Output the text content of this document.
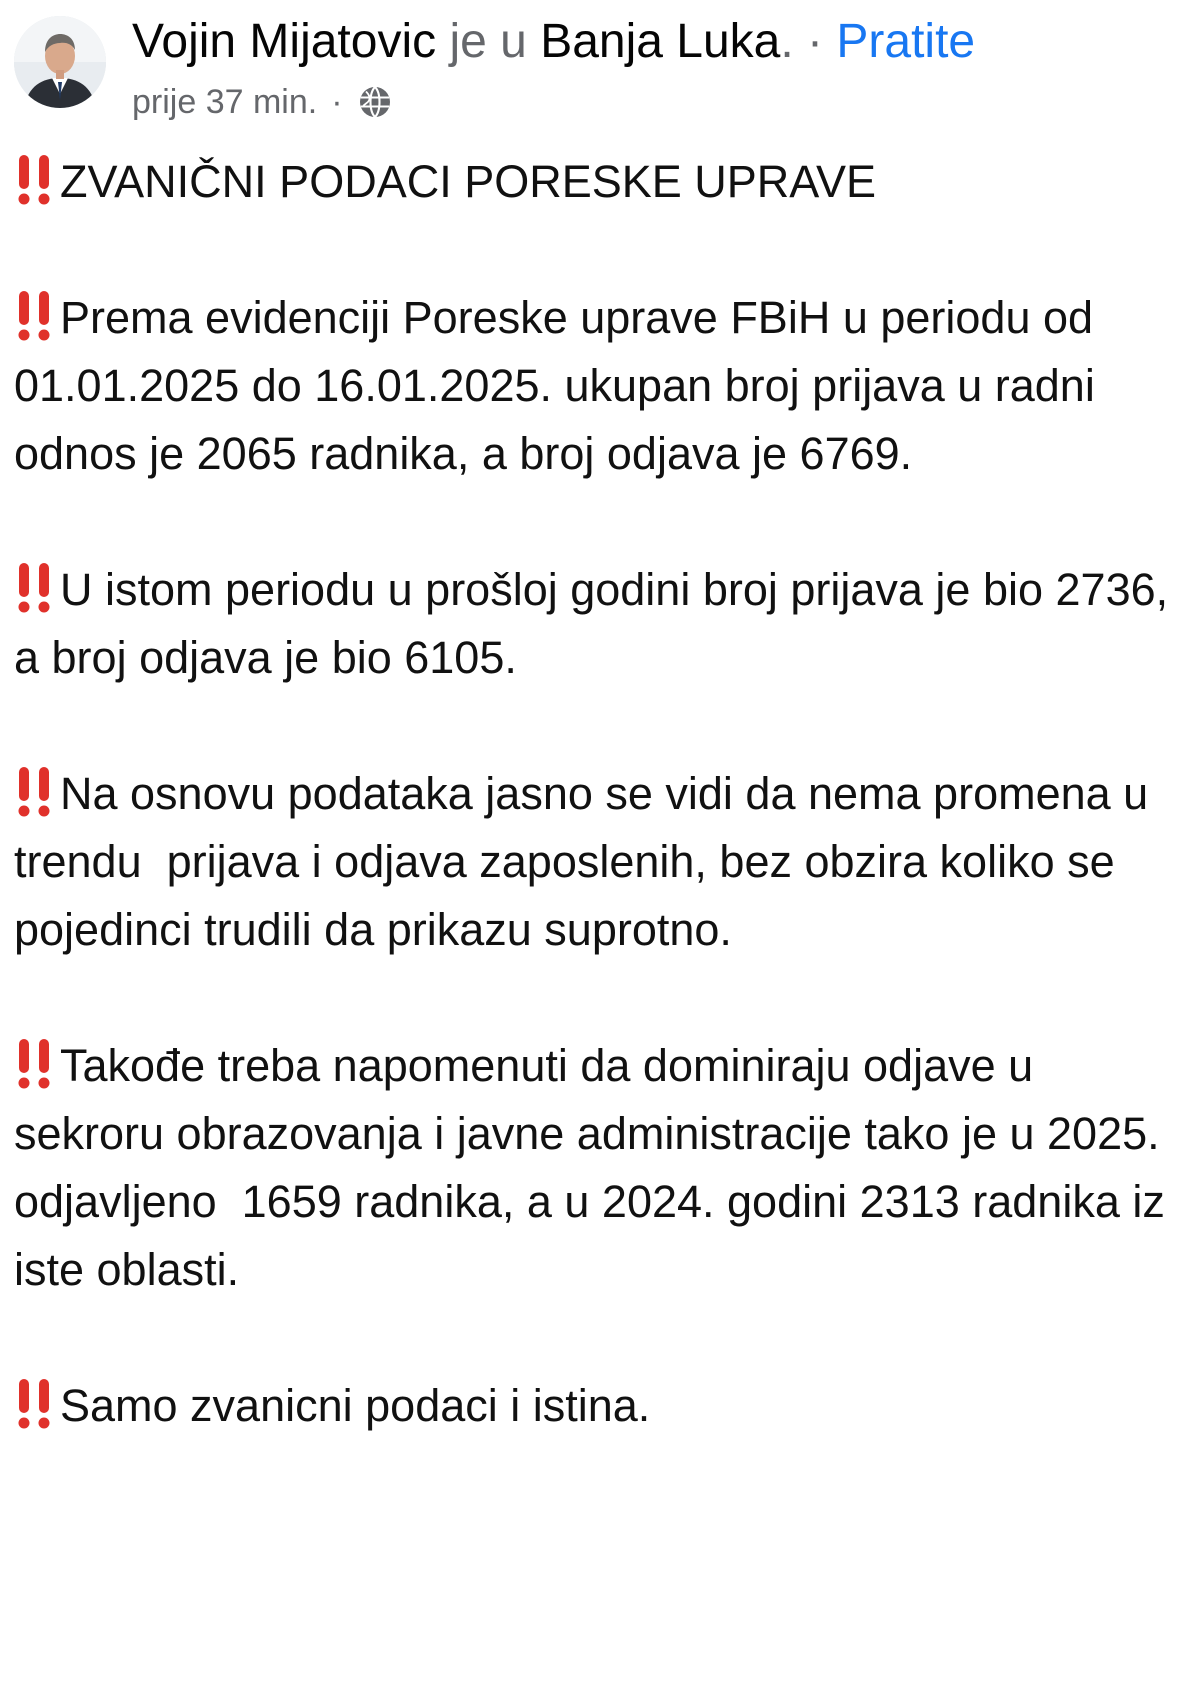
Vojin Mijatovic je u Banja Luka. · Pratite
prije 37 min. ·

ZVANIČNI PODACI PORESKE UPRAVE

Prema evidenciji Poreske uprave FBiH u periodu od 01.01.2025 do 16.01.2025. ukupan broj prijava u radni odnos je 2065 radnika, a broj odjava je 6769.

U istom periodu u prošloj godini broj prijava je bio 2736, a broj odjava je bio 6105.

Na osnovu podataka jasno se vidi da nema promena u trendu  prijava i odjava zaposlenih, bez obzira koliko se pojedinci trudili da prikazu suprotno.

Takođe treba napomenuti da dominiraju odjave u sekroru obrazovanja i javne administracije tako je u 2025. odjavljeno  1659 radnika, a u 2024. godini 2313 radnika iz iste oblasti.

Samo zvanicni podaci i istina.
